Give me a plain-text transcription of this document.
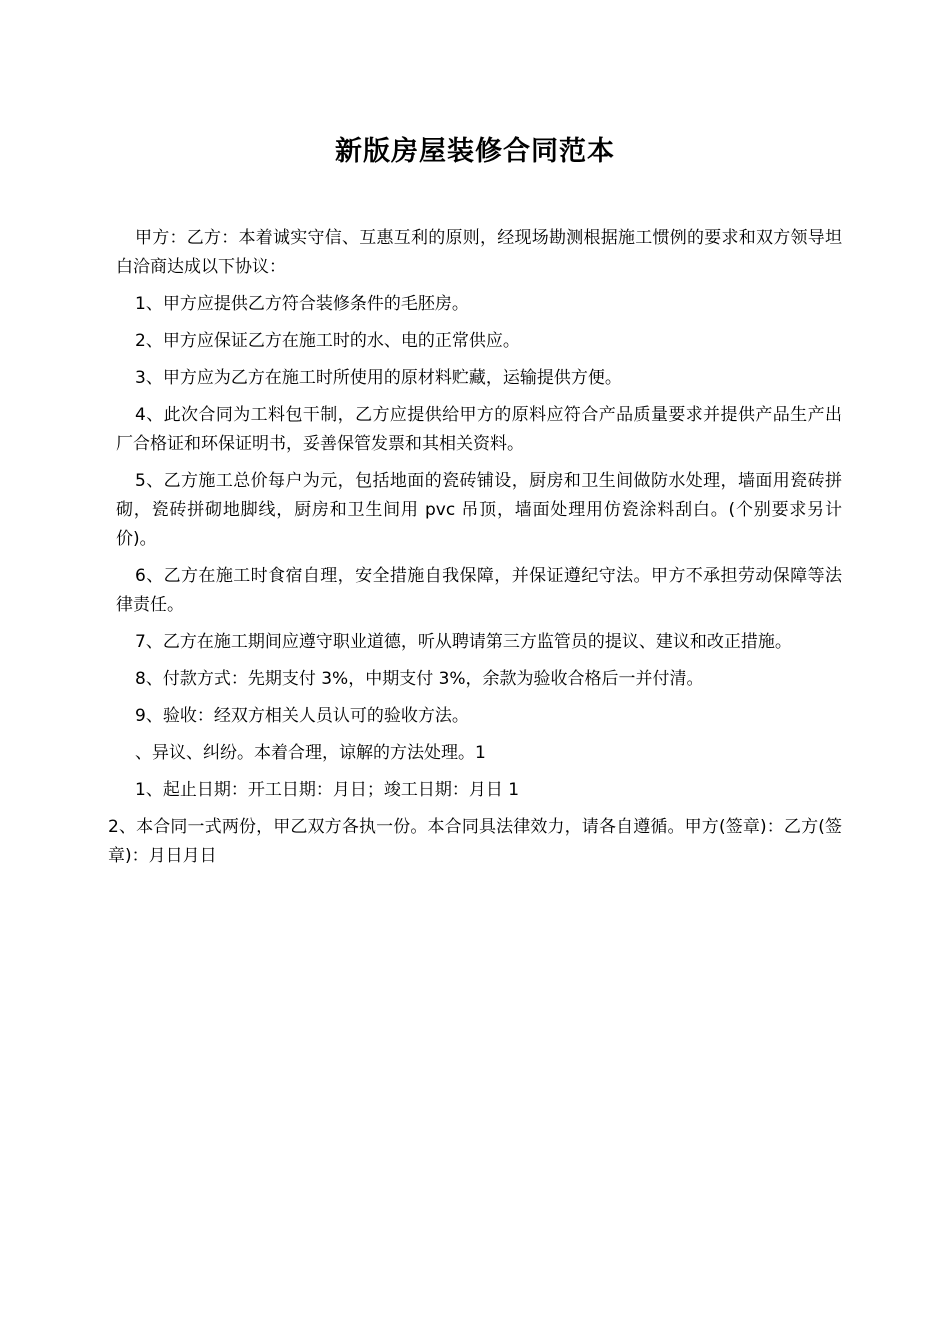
新版房屋装修合同范本

甲方：乙方：本着诚实守信、互惠互利的原则，经现场勘测根据施工惯例的要求和双方领导坦白洽商达成以下协议：

1、甲方应提供乙方符合装修条件的毛胚房。

2、甲方应保证乙方在施工时的水、电的正常供应。

3、甲方应为乙方在施工时所使用的原材料贮藏，运输提供方便。

4、此次合同为工料包干制，乙方应提供给甲方的原料应符合产品质量要求并提供产品生产出厂合格证和环保证明书，妥善保管发票和其相关资料。

5、乙方施工总价每户为元，包括地面的瓷砖铺设，厨房和卫生间做防水处理，墙面用瓷砖拼砌，瓷砖拼砌地脚线，厨房和卫生间用 pvc 吊顶，墙面处理用仿瓷涂料刮白。(个别要求另计价)。

6、乙方在施工时食宿自理，安全措施自我保障，并保证遵纪守法。甲方不承担劳动保障等法律责任。

7、乙方在施工期间应遵守职业道德，听从聘请第三方监管员的提议、建议和改正措施。

8、付款方式：先期支付 3%，中期支付 3%，余款为验收合格后一并付清。

9、验收：经双方相关人员认可的验收方法。

、异议、纠纷。本着合理，谅解的方法处理。1

1、起止日期：开工日期：月日；竣工日期：月日 1

2、本合同一式两份，甲乙双方各执一份。本合同具法律效力，请各自遵循。甲方(签章)：乙方(签章)：月日月日
